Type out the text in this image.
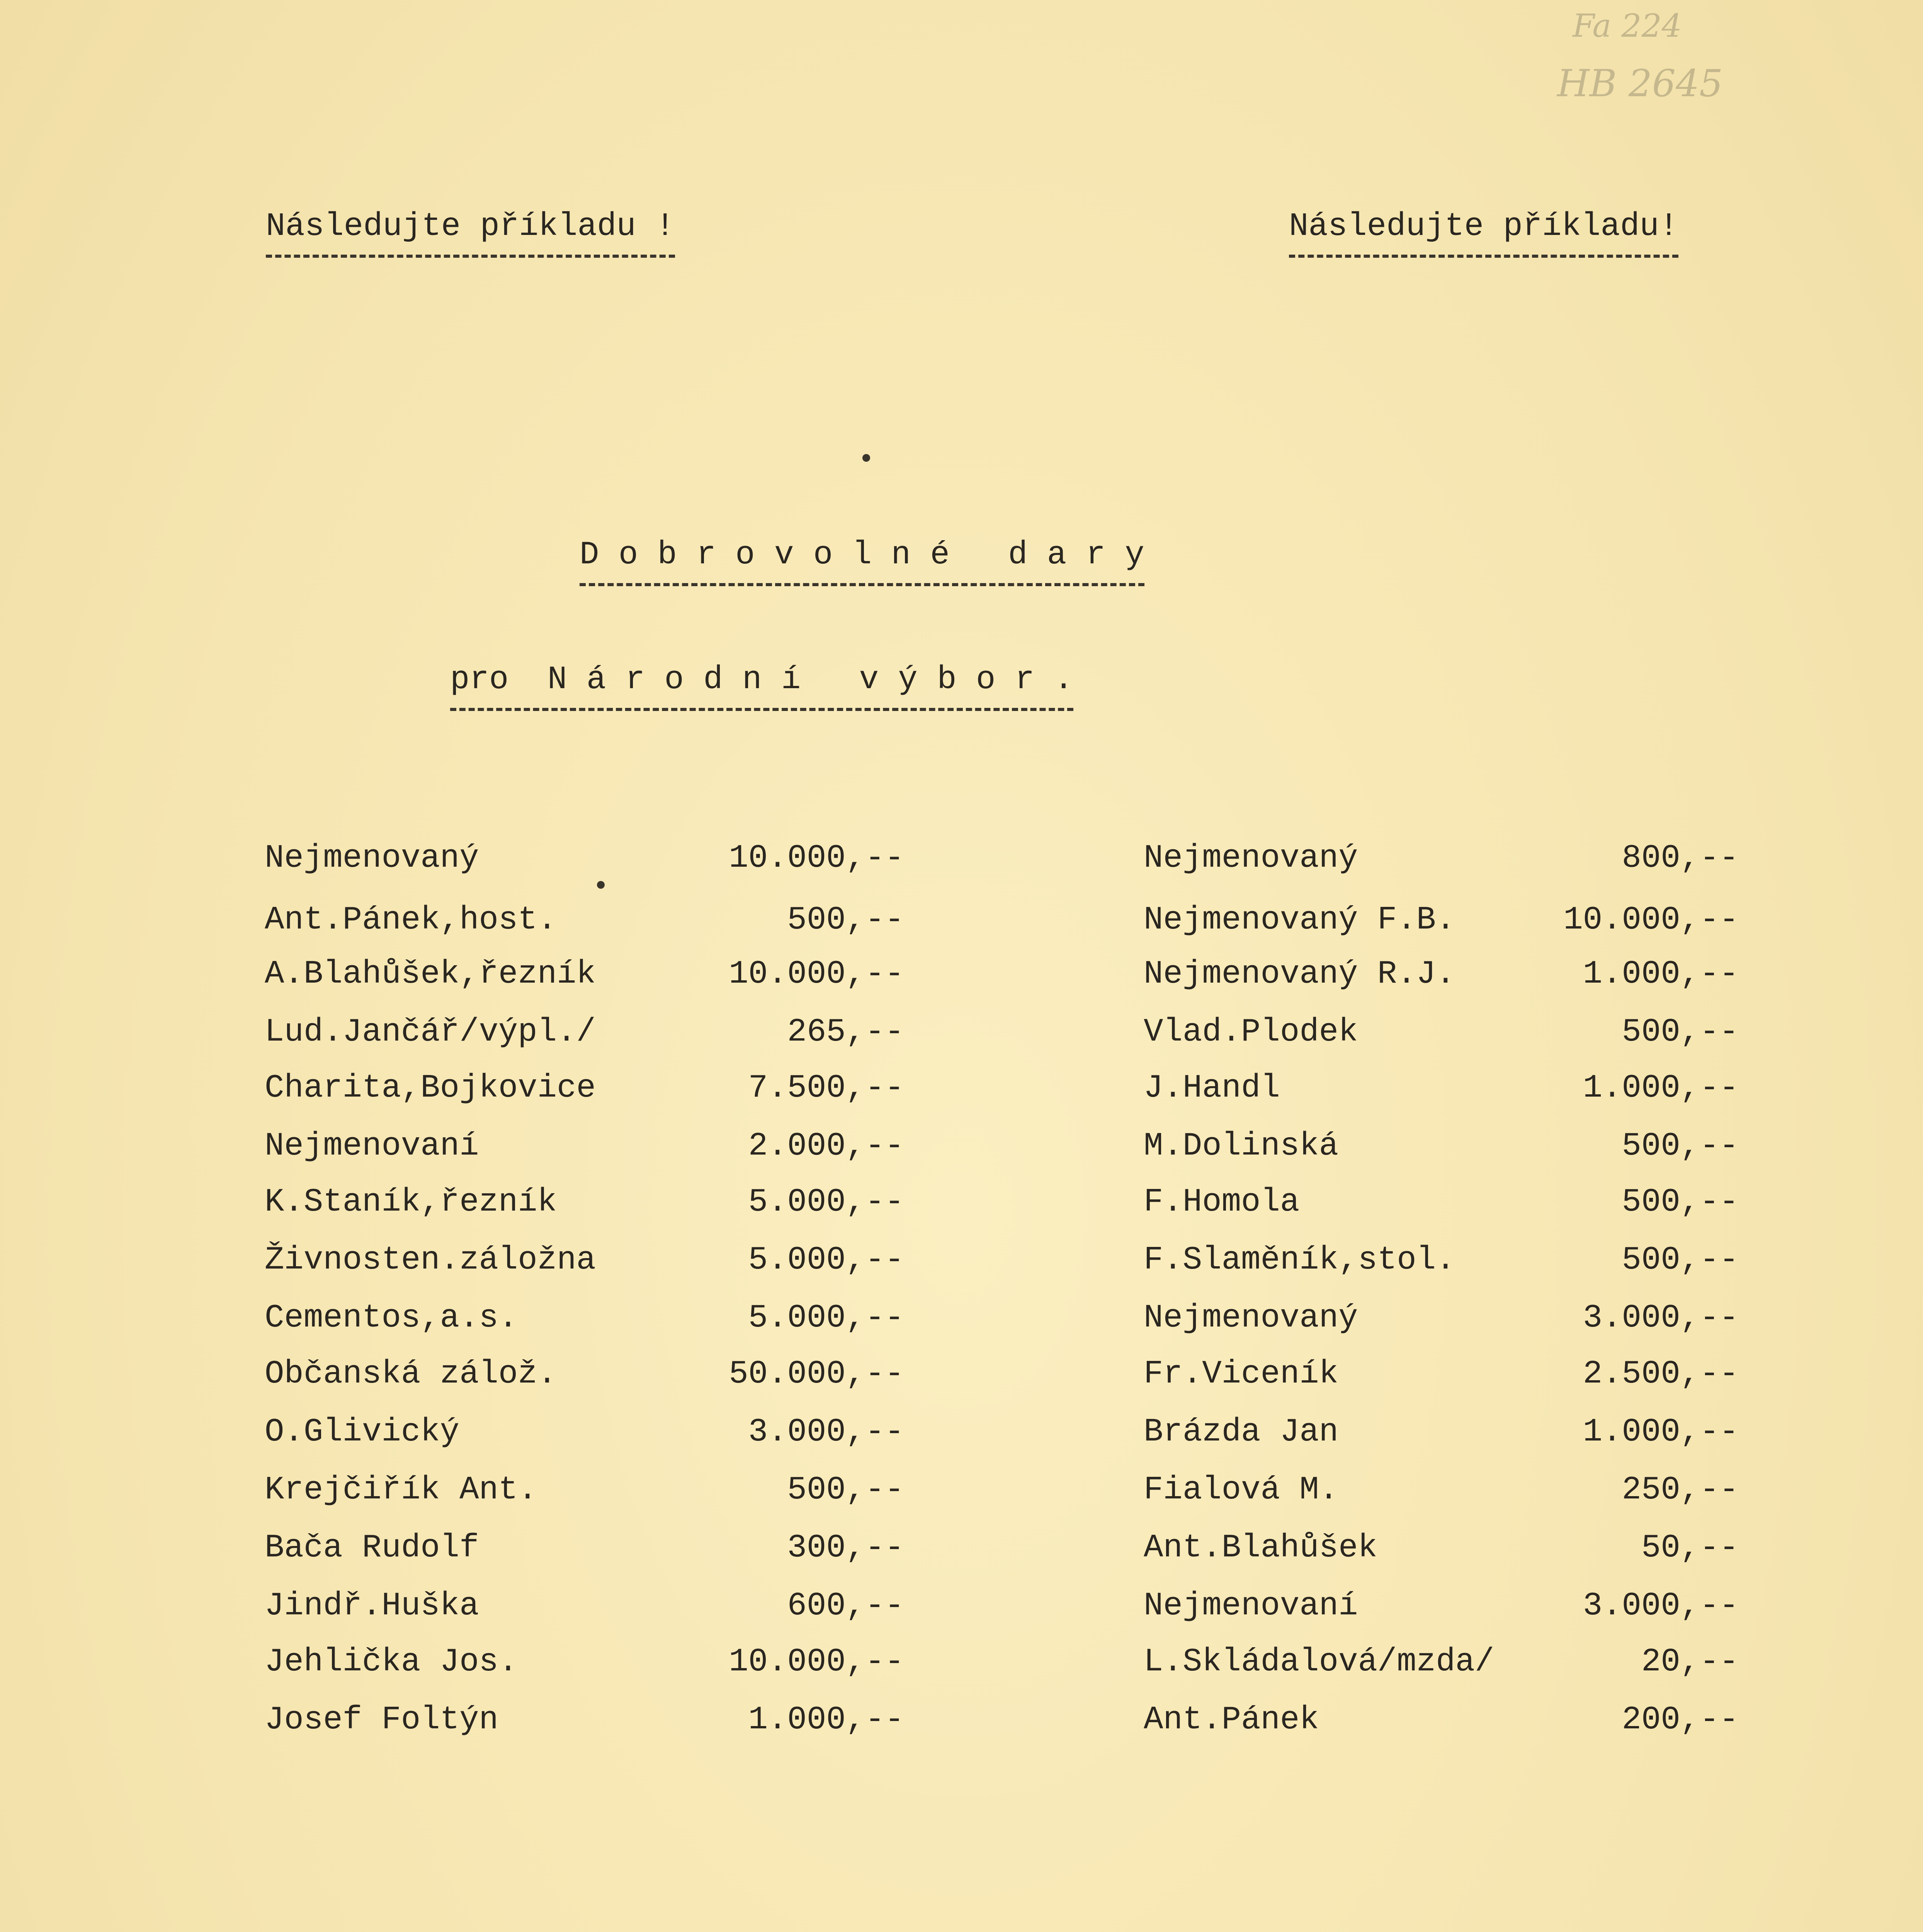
Fa 224
HB 2645
Následujte příkladu !	Následujte příkladu!
D o b r o v o l n é   d a r y
pro  N á r o d n í   v ý b o r .
Nejmenovaný	10.000,--
Ant.Pánek,host.	500,--
A.Blahůšek,řezník	10.000,--
Lud.Jančář/výpl./	265,--
Charita,Bojkovice	7.500,--
Nejmenovaní	2.000,--
K.Staník,řezník	5.000,--
Živnosten.záložna	5.000,--
Cementos,a.s.	5.000,--
Občanská zálož.	50.000,--
O.Glivický	3.000,--
Krejčiřík Ant.	500,--
Bača Rudolf	300,--
Jindř.Huška	600,--
Jehlička Jos.	10.000,--
Josef Foltýn	1.000,--
Nejmenovaný	800,--
Nejmenovaný F.B.	10.000,--
Nejmenovaný R.J.	1.000,--
Vlad.Plodek	500,--
J.Handl	1.000,--
M.Dolinská	500,--
F.Homola	500,--
F.Slaměník,stol.	500,--
Nejmenovaný	3.000,--
Fr.Viceník	2.500,--
Brázda Jan	1.000,--
Fialová M.	250,--
Ant.Blahůšek	50,--
Nejmenovaní	3.000,--
L.Skládalová/mzda/	20,--
Ant.Pánek	200,--
